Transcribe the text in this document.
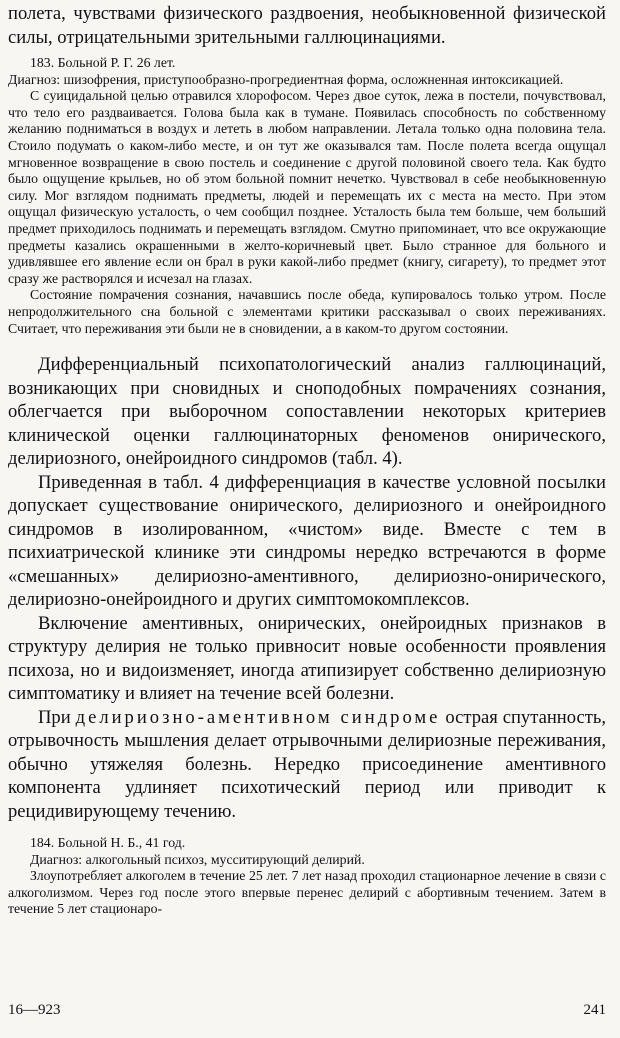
полета, чувствами физического раздвоения, необыкновенной физической силы, отрицательными зрительными галлюцинациями.

183. Больной Р. Г. 26 лет.

Диагноз: шизофрения, приступообразно-прогредиентная форма, осложненная интоксикацией.

С суицидальной целью отравился хлорофосом. Через двое суток, лежа в постели, почувствовал, что тело его раздваивается. Голова была как в тумане. Появилась способность по собственному желанию подниматься в воздух и лететь в любом направлении. Летала только одна половина тела. Стоило подумать о каком-либо месте, и он тут же оказывался там. После полета всегда ощущал мгновенное возвращение в свою постель и соединение с другой половиной своего тела. Как будто было ощущение крыльев, но об этом больной помнит нечетко. Чувствовал в себе необыкновенную силу. Мог взглядом поднимать предметы, людей и перемещать их с места на место. При этом ощущал физическую усталость, о чем сообщил позднее. Усталость была тем больше, чем больший предмет приходилось поднимать и перемещать взглядом. Смутно припоминает, что все окружающие предметы казались окрашенными в желто-коричневый цвет. Было странное для больного и удивлявшее его явление если он брал в руки какой-либо предмет (книгу, сигарету), то предмет этот сразу же растворялся и исчезал на глазах.

Состояние помрачения сознания, начавшись после обеда, купировалось только утром. После непродолжительного сна больной с элементами критики рассказывал о своих переживаниях. Считает, что переживания эти были не в сновидении, а в каком-то другом состоянии.

Дифференциальный психопатологический анализ галлюцинаций, возникающих при сновидных и сноподобных помрачениях сознания, облегчается при выборочном сопоставлении некоторых критериев клинической оценки галлюцинаторных феноменов онирического, делириозного, онейроидного синдромов (табл. 4).

Приведенная в табл. 4 дифференциация в качестве условной посылки допускает существование онирического, делириозного и онейроидного синдромов в изолированном, «чистом» виде. Вместе с тем в психиатрической клинике эти синдромы нередко встречаются в форме «смешанных» делириозно-аментивного, делириозно-онирического, делириозно-онейроидного и других симптомокомплексов.

Включение аментивных, онирических, онейроидных признаков в структуру делирия не только привносит новые особенности проявления психоза, но и видоизменяет, иногда атипизирует собственно делириозную симптоматику и влияет на течение всей болезни.

При делириозно-аментивном синдроме острая спутанность, отрывочность мышления делает отрывочными делириозные переживания, обычно утяжеляя болезнь. Нередко присоединение аментивного компонента удлиняет психотический период или приводит к рецидивирующему течению.

184. Больной Н. Б., 41 год.

Диагноз: алкогольный психоз, мусситирующий делирий.

Злоупотребляет алкоголем в течение 25 лет. 7 лет назад проходил стационарное лечение в связи с алкоголизмом. Через год после этого впервые перенес делирий с абортивным течением. Затем в течение 5 лет стационаро-

16—923	241
